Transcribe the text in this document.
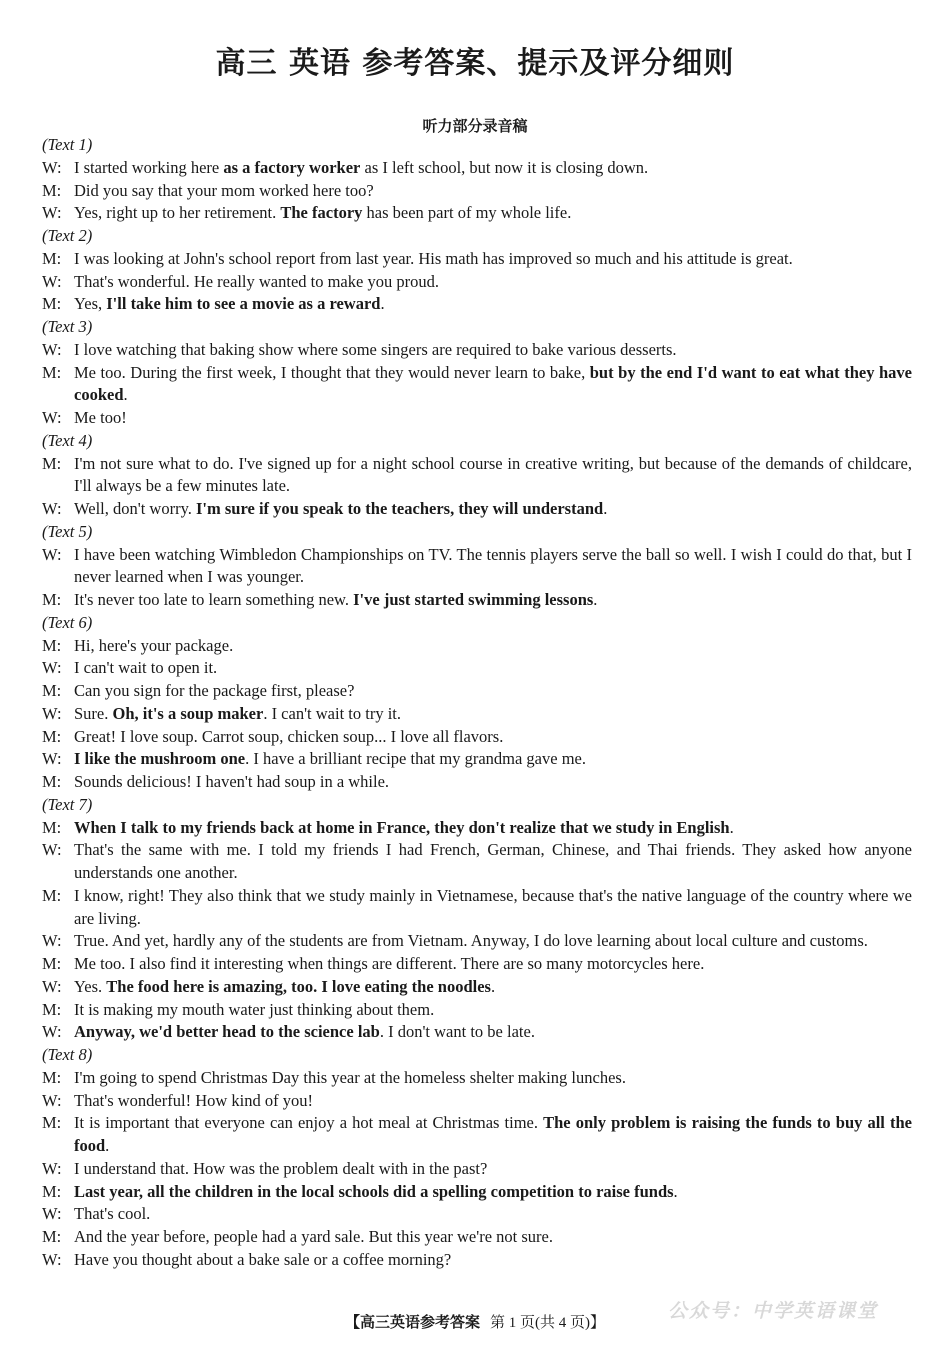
高三 英语 参考答案、提示及评分细则
听力部分录音稿

(Text 1)

W: I started working here as a factory worker as I left school, but now it is closing down.

M: Did you say that your mom worked here too?

W: Yes, right up to her retirement. The factory has been part of my whole life.

(Text 2)

M: I was looking at John's school report from last year. His math has improved so much and his attitude is great.

W: That's wonderful. He really wanted to make you proud.

M: Yes, I'll take him to see a movie as a reward.

(Text 3)

W: I love watching that baking show where some singers are required to bake various desserts.

M: Me too. During the first week, I thought that they would never learn to bake, but by the end I'd want to eat what they have cooked.

W: Me too!

(Text 4)

M: I'm not sure what to do. I've signed up for a night school course in creative writing, but because of the demands of childcare, I'll always be a few minutes late.

W: Well, don't worry. I'm sure if you speak to the teachers, they will understand.

(Text 5)

W: I have been watching Wimbledon Championships on TV. The tennis players serve the ball so well. I wish I could do that, but I never learned when I was younger.

M: It's never too late to learn something new. I've just started swimming lessons.

(Text 6)

M: Hi, here's your package.

W: I can't wait to open it.

M: Can you sign for the package first, please?

W: Sure. Oh, it's a soup maker. I can't wait to try it.

M: Great! I love soup. Carrot soup, chicken soup... I love all flavors.

W: I like the mushroom one. I have a brilliant recipe that my grandma gave me.

M: Sounds delicious! I haven't had soup in a while.

(Text 7)

M: When I talk to my friends back at home in France, they don't realize that we study in English.

W: That's the same with me. I told my friends I had French, German, Chinese, and Thai friends. They asked how anyone understands one another.

M: I know, right! They also think that we study mainly in Vietnamese, because that's the native language of the country where we are living.

W: True. And yet, hardly any of the students are from Vietnam. Anyway, I do love learning about local culture and customs.

M: Me too. I also find it interesting when things are different. There are so many motorcycles here.

W: Yes. The food here is amazing, too. I love eating the noodles.

M: It is making my mouth water just thinking about them.

W: Anyway, we'd better head to the science lab. I don't want to be late.

(Text 8)

M: I'm going to spend Christmas Day this year at the homeless shelter making lunches.

W: That's wonderful! How kind of you!

M: It is important that everyone can enjoy a hot meal at Christmas time. The only problem is raising the funds to buy all the food.

W: I understand that. How was the problem dealt with in the past?

M: Last year, all the children in the local schools did a spelling competition to raise funds.

W: That's cool.

M: And the year before, people had a yard sale. But this year we're not sure.

W: Have you thought about a bake sale or a coffee morning?

【高三英语参考答案 第 1 页(共 4 页)】
公众号：中学英语课堂
